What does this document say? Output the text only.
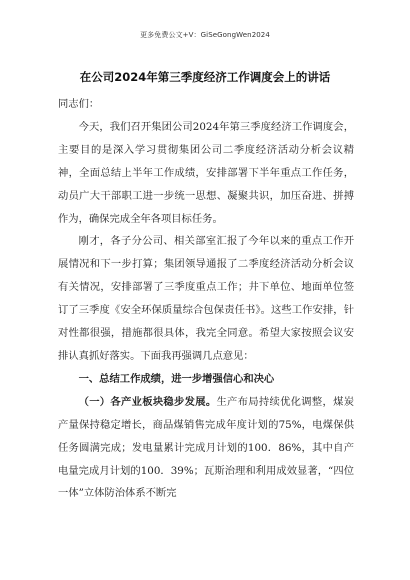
更多免费公文+V：GiSeGongWen2024
在公司2024年第三季度经济工作调度会上的讲话

同志们：

今天，我们召开集团公司2024年第三季度经济工作调度会，主要目的是深入学习贯彻集团公司二季度经济活动分析会议精神，全面总结上半年工作成绩，安排部署下半年重点工作任务，动员广大干部职工进一步统一思想、凝聚共识，加压奋进、拼搏作为，确保完成全年各项目标任务。

刚才，各子分公司、相关部室汇报了今年以来的重点工作开展情况和下一步打算；集团领导通报了二季度经济活动分析会议有关情况，安排部署了三季度重点工作；井下单位、地面单位签订了三季度《安全环保质量综合包保责任书》。这些工作安排，针对性都很强，措施都很具体，我完全同意。希望大家按照会议安排认真抓好落实。下面我再强调几点意见：

一、总结工作成绩，进一步增强信心和决心

（一）各产业板块稳步发展。生产布局持续优化调整，煤炭产量保持稳定增长，商品煤销售完成年度计划的75%，电煤保供任务圆满完成；发电量累计完成月计划的100．86%，其中自产电量完成月计划的100．39%；瓦斯治理和利用成效显著，“四位一体”立体防治体系不断完
